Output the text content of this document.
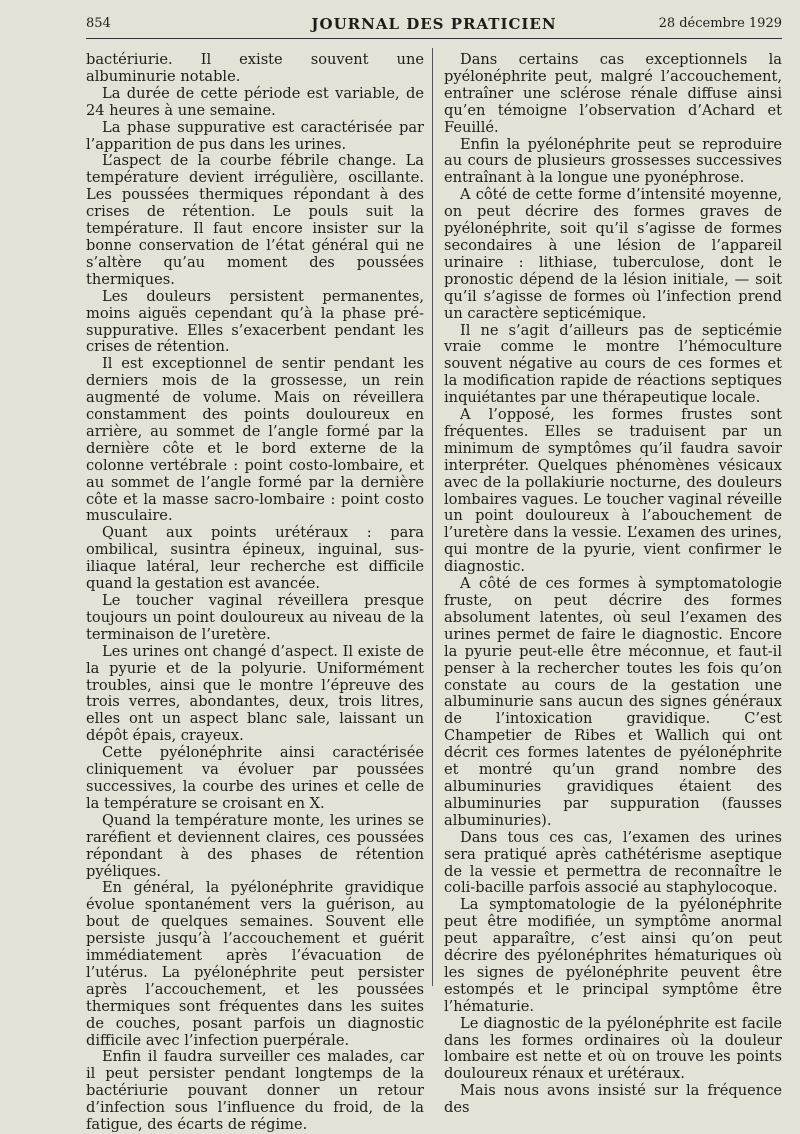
854	JOURNAL DES PRATICIEN	28 décembre 1929

bactériurie. Il existe souvent une albuminurie notable.

La durée de cette période est variable, de 24 heures à une semaine.

La phase suppurative est caractérisée par l’apparition de pus dans les urines.

L’aspect de la courbe fébrile change. La température devient irrégulière, oscillante. Les poussées thermiques répondant à des crises de rétention. Le pouls suit la température. Il faut encore insister sur la bonne conservation de l’état général qui ne s’altère qu’au moment des poussées thermiques.

Les douleurs persistent permanentes, moins aiguës cependant qu’à la phase pré-suppurative. Elles s’exacerbent pendant les crises de rétention.

Il est exceptionnel de sentir pendant les derniers mois de la grossesse, un rein augmenté de volume. Mais on réveillera constamment des points douloureux en arrière, au sommet de l’angle formé par la dernière côte et le bord externe de la colonne vertébrale : point costo-lombaire, et au sommet de l’angle formé par la dernière côte et la masse sacro-lombaire : point costo musculaire.

Quant aux points urétéraux : para ombilical, susintra épineux, inguinal, sus-iliaque latéral, leur recherche est difficile quand la gestation est avancée.

Le toucher vaginal réveillera presque toujours un point douloureux au niveau de la terminaison de l’uretère.

Les urines ont changé d’aspect. Il existe de la pyurie et de la polyurie. Uniformément troubles, ainsi que le montre l’épreuve des trois verres, abondantes, deux, trois litres, elles ont un aspect blanc sale, laissant un dépôt épais, crayeux.

Cette pyélonéphrite ainsi caractérisée cliniquement va évoluer par poussées successives, la courbe des urines et celle de la température se croisant en X.

Quand la température monte, les urines se raréfient et deviennent claires, ces poussées répondant à des phases de rétention pyéliques.

En général, la pyélonéphrite gravidique évolue spontanément vers la guérison, au bout de quelques semaines. Souvent elle persiste jusqu’à l’accouchement et guérit immédiatement après l’évacuation de l’utérus. La pyélonéphrite peut persister après l’accouchement, et les poussées thermiques sont fréquentes dans les suites de couches, posant parfois un diagnostic difficile avec l’infection puerpérale.

Enfin il faudra surveiller ces malades, car il peut persister pendant longtemps de la bactériurie pouvant donner un retour d’infection sous l’influence du froid, de la fatigue, des écarts de régime.

Dans certains cas exceptionnels la pyélonéphrite peut, malgré l’accouchement, entraîner une sclérose rénale diffuse ainsi qu’en témoigne l’observation d’Achard et Feuillé.

Enfin la pyélonéphrite peut se reproduire au cours de plusieurs grossesses successives entraînant à la longue une pyonéphrose.

A côté de cette forme d’intensité moyenne, on peut décrire des formes graves de pyélonéphrite, soit qu’il s’agisse de formes secondaires à une lésion de l’appareil urinaire : lithiase, tuberculose, dont le pronostic dépend de la lésion initiale, — soit qu’il s’agisse de formes où l’infection prend un caractère septicémique.

Il ne s’agit d’ailleurs pas de septicémie vraie comme le montre l’hémoculture souvent négative au cours de ces formes et la modification rapide de réactions septiques inquiétantes par une thérapeutique locale.

A l’opposé, les formes frustes sont fréquentes. Elles se traduisent par un minimum de symptômes qu’il faudra savoir interpréter. Quelques phénomènes vésicaux avec de la pollakiurie nocturne, des douleurs lombaires vagues. Le toucher vaginal réveille un point douloureux à l’abouchement de l’uretère dans la vessie. L’examen des urines, qui montre de la pyurie, vient confirmer le diagnostic.

A côté de ces formes à symptomatologie fruste, on peut décrire des formes absolument latentes, où seul l’examen des urines permet de faire le diagnostic. Encore la pyurie peut-elle être méconnue, et faut-il penser à la rechercher toutes les fois qu’on constate au cours de la gestation une albuminurie sans aucun des signes généraux de l’intoxication gravidique. C’est Champetier de Ribes et Wallich qui ont décrit ces formes latentes de pyélonéphrite et montré qu’un grand nombre des albuminuries gravidiques étaient des albuminuries par suppuration (fausses albuminuries).

Dans tous ces cas, l’examen des urines sera pratiqué après cathétérisme aseptique de la vessie et permettra de reconnaître le coli-bacille parfois associé au staphylocoque.

La symptomatologie de la pyélonéphrite peut être modifiée, un symptôme anormal peut apparaître, c’est ainsi qu’on peut décrire des pyélonéphrites hématuriques où les signes de pyélonéphrite peuvent être estompés et le principal symptôme être l’hématurie.

Le diagnostic de la pyélonéphrite est facile dans les formes ordinaires où la douleur lombaire est nette et où on trouve les points douloureux rénaux et urétéraux.

Mais nous avons insisté sur la fréquence des
